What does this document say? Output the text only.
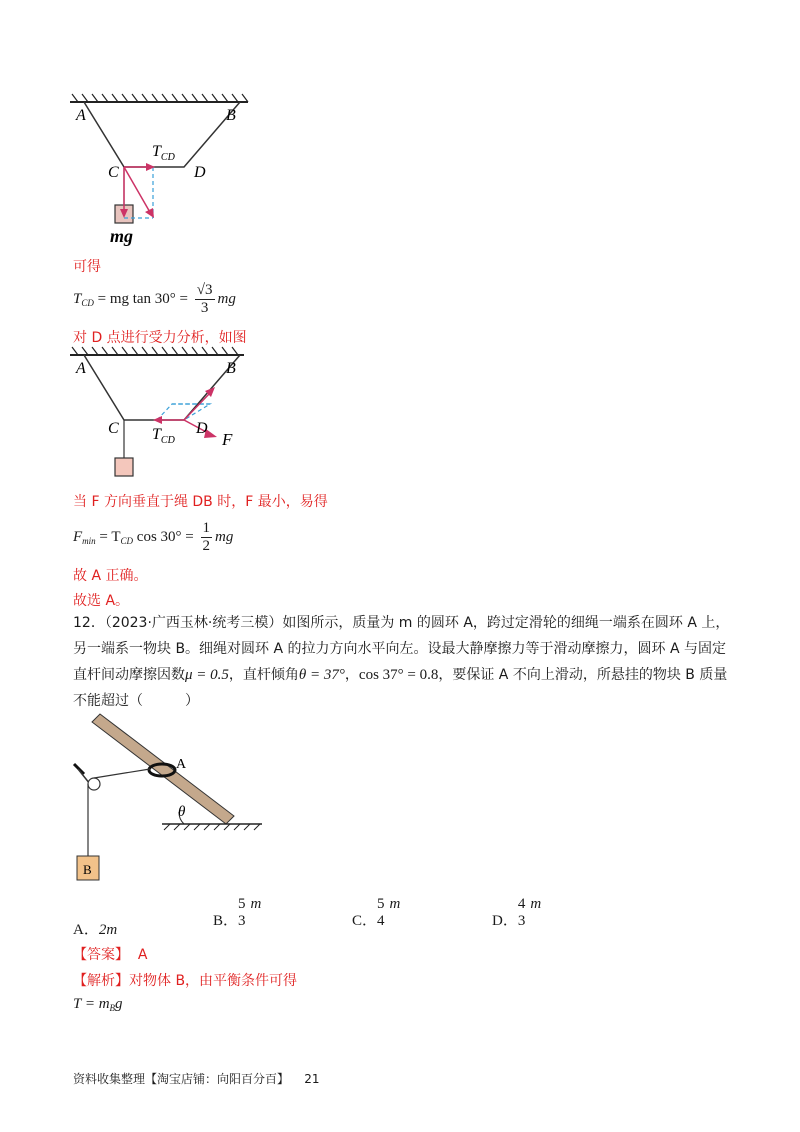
A	B
C	D
$T_{CD}$
mg
可得
$T_{CD}$ = mg $\tan 30^\circ = \frac{√3}{3}$ mg
对 D 点进行受力分析，如图
A	B
C	D
$T_{CD}$	F
当 F 方向垂直于绳 DB 时，F 最小，易得
$F_{min} = T_{CD}$ $\cos 30^\circ = \frac{1}{2}$ mg
故 A 正确。
故选 A。
12．（2023·广西玉林·统考三模）如图所示，质量为 m 的圆环 A，跨过定滑轮的细绳一端系在圆环 A 上，
另一端系一物块 B。细绳对圆环 A 的拉力方向水平向左。设最大静摩擦力等于滑动摩擦力，圆环 A 与固定
直杆间动摩擦因数μ = 0.5，直杆倾角θ = 37°，cos 37° = 0.8，要保证 A 不向上滑动，所悬挂的物块 B 质量
不能超过（　　　）
A
B
θ
A．2m
B．
5
3
m
C．
5
4
m
D．
4
3
m
【答案】 A
【解析】对物体 B，由平衡条件可得
$T = m_Bg$
资料收集整理【淘宝店铺：向阳百分百】 21
